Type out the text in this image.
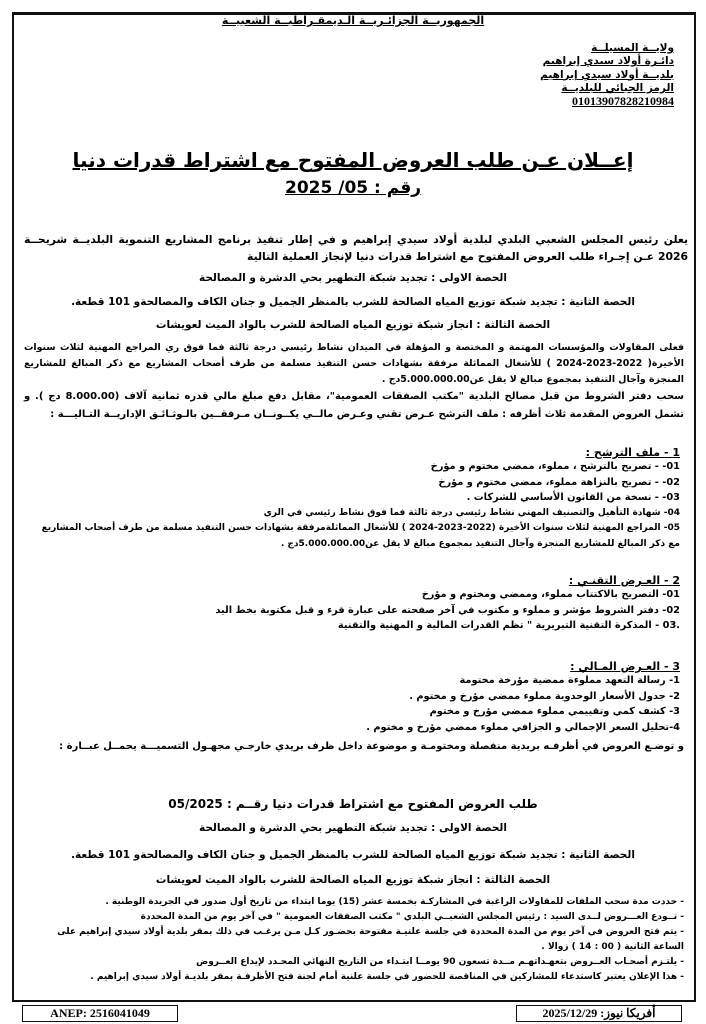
الجمهوريــة الجزائـريــة الـديمقـراطيــة الشعبيــة
ولايــة المسيلــة
دائـرة أولاد سيدي إبراهيم
بلديــة أولاد سيدي إبراهيم
الرمز الجبائي للبلديــة
01013907828210984
إعــلان عـن طلب العروض المفتوح مع اشتراط قدرات دنيا
رقم : 05/ 2025
يعلن رئيس المجلس الشعبي البلدي لبلدية أولاد سيدي إبراهيم و في إطار تنفيذ برنامج المشاريع التنموية البلديــة شريحــة 2026 عـن إجـراء طلب العروض المفتوح مع اشتراط قدرات دنيا لإنجاز العملية التالية
الحصة الاولى : تجديد شبكة التطهير بحي الدشرة و المصالحة
الحصة الثانية : تجديد شبكة توزيع المياه الصالحة للشرب بالمنظر الجميل و جنان الكاف والمصالحةو 101 قطعة.
الحصة الثالثة : انجاز شبكة توزيع المياه الصالحة للشرب بالواد الميت لعويشات
فعلى المقاولات والمؤسسات المهتمة و المختصة و المؤهلة في الميدان نشاط رئيسي درجة ثالثة فما فوق ري المراجع المهنية لثلاث سنوات الأخيرة( 2022-2023-2024 ) للأشغال المماثلة مرفقة بشهادات حسن التنفيذ مسلمة من طرف أصحاب المشاريع مع ذكر المبالغ للمشاريع المنجزة وآجال التنفيذ بمجموع مبالغ لا يقل عن5.000.000.00دج .
سحب دفتر الشروط من قبل مصالح البلدية "مكتب الصفقات العمومية"، مقابل دفع مبلغ مالي قدره ثمانية آلاف (8.000.00 دج ). و تشمل العروض المقدمة ثلاث أظرفه : ملف الترشح عـرض تقني وعـرض مالــي يكــونــان مـرفقــين بالـوثـائـق الإداريــة التـاليـــة :
1 - ملف الترشح :
01- - تصريح بالترشح ، مملوء، ممضي مختوم و مؤرخ
02- - تصريح بالنزاهة مملوء، ممضي مختوم و مؤرخ
03- - نسخة من القانون الأساسي للشركات .
04- شهادة التأهيل والتصنيف المهني نشاط رئيسي درجة ثالثة فما فوق نشاط رئيسي في الري
05- المراجع المهنية لثلاث سنوات الأخيرة (2022-2023-2024 ) للأشغال المماثلةمرفقة بشهادات حسن التنفيذ مسلمة من طرف أصحاب المشاريع مع ذكر المبالغ للمشاريع المنجزة وآجال التنفيذ بمجموع مبالغ لا يقل عن5.000.000.00دج .
2 - العـرض التقنـي :
01- التصريح بالاكتتاب مملوء، وممضي ومختوم و مؤرخ
02- دفتر الشروط مؤشر و مملوء و مكتوب في آخر صفحته على عبارة قرء و قبل مكتوبة بخط اليد
.03 - المذكرة التقنية التبريرية " تظم القدرات المالية و المهنية والتقنية
3 - العـرض المـالي :
1- رسالة التعهد مملوءة ممضية مؤرخة مختومة
2- جدول الأسعار الوحدوية مملوء ممضي مؤرخ و مختوم .
3- كشف كمي وتقييمي مملوء ممضي مؤرخ و مختوم
4-تحليل السعر الإجمالي و الجزافي مملوء ممضي مؤرخ و مختوم .
و توضـع العروض في أظرفـه بريدية منفصلة ومختومـة و موضوعة داخل ظرف بريدي خارجـي مجهـول التسميـــة يحمــل عبــارة :
طلب العروض المفتوح مع اشتراط قدرات دنيا رقــم : 05/2025
الحصة الاولى : تجديد شبكة التطهير بحي الدشرة و المصالحة
الحصة الثانية : تجديد شبكة توزيع المياه الصالحة للشرب بالمنظر الجميل و جنان الكاف والمصالحةو 101 قطعة.
الحصة الثالثة : انجاز شبكة توزيع المياه الصالحة للشرب بالواد الميت لعويشات
- حددت مدة سحب الملفات للمقاولات الراغبة في المشاركـة بخمسة عشر (15) يوما ابتداء من تاريخ أول صدور في الجريدة الوطنية .
- تــودع العـــروض لــدى السيد : رئيس المجلس الشعبــي البلدي " مكتب الصفقات العمومية " في آخر يوم من المدة المحددة
- يتم فتح العروض في آخر يوم من المدة المحددة في جلسة علنيـة مفتوحة بحضـور كـل مـن يرغـب في ذلك بمقر بلدية أولاد سيدي إبراهيم على الساعة الثانية ( 00 : 14 ) زوالا .
- يلتـزم أصحـاب العــروض بتعهـداتهـم مــدة تسعون 90 يومــا ابتـداء من التاريخ النهائي المحـدد لإيداع العــروض
- هذا الإعلان يعتبر كاستدعاء للمشاركين في المناقصة للحضور في جلسة علنية أمام لجنة فتح الأظرفـة بمقر بلديـة أولاد سيدي إبراهيم .
ANEP: 2516041049	أفريكا نيوز: 2025/12/29
